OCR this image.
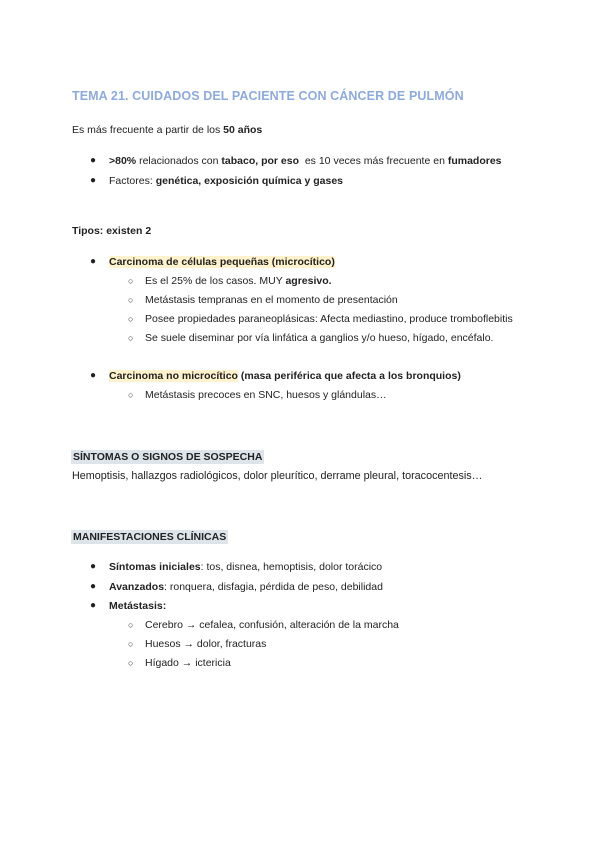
TEMA 21. CUIDADOS DEL PACIENTE CON CÁNCER DE PULMÓN
Es más frecuente a partir de los 50 años
● >80% relacionados con tabaco, por eso  es 10 veces más frecuente en fumadores
● Factores: genética, exposición química y gases
Tipos: existen 2
● Carcinoma de células pequeñas (microcítico)
○ Es el 25% de los casos. MUY agresivo.
○ Metástasis tempranas en el momento de presentación
○ Posee propiedades paraneoplásicas: Afecta mediastino, produce tromboflebitis
○ Se suele diseminar por vía linfática a ganglios y/o hueso, hígado, encéfalo.
● Carcinoma no microcítico (masa periférica que afecta a los bronquios)
○ Metástasis precoces en SNC, huesos y glándulas…
SÍNTOMAS O SIGNOS DE SOSPECHA
Hemoptisis, hallazgos radiológicos, dolor pleurítico, derrame pleural, toracocentesis…
MANIFESTACIONES CLÍNICAS
● Síntomas iniciales: tos, disnea, hemoptisis, dolor torácico
● Avanzados: ronquera, disfagia, pérdida de peso, debilidad
● Metástasis:
○ Cerebro → cefalea, confusión, alteración de la marcha
○ Huesos → dolor, fracturas
○ Hígado → ictericia
